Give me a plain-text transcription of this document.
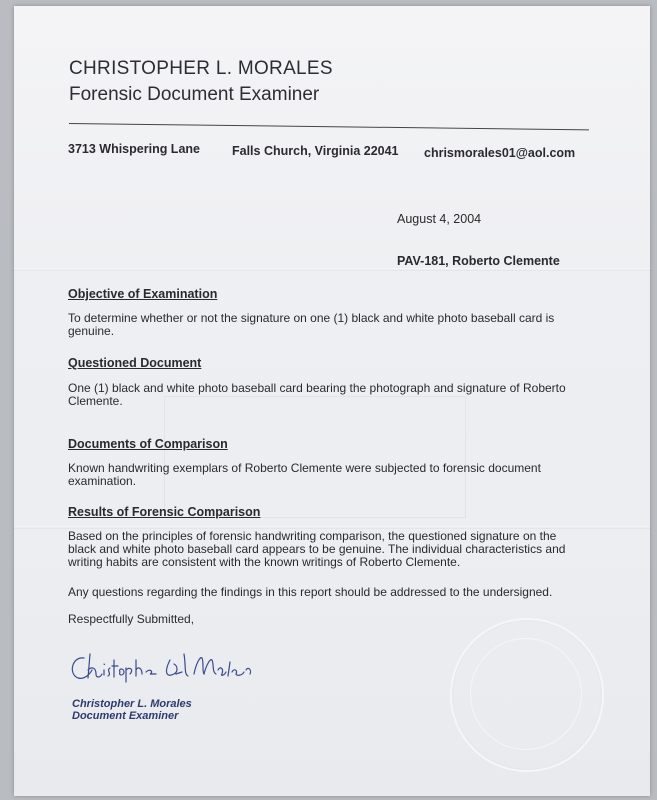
CHRISTOPHER L. MORALES
Forensic Document Examiner
3713 Whispering Lane	Falls Church, Virginia 22041 chrismorales01@aol.com
August 4, 2004
PAV-181, Roberto Clemente
Objective of Examination
To determine whether or not the signature on one (1) black and white photo baseball card is genuine.
Questioned Document
One (1) black and white photo baseball card bearing the photograph and signature of Roberto Clemente.
Documents of Comparison
Known handwriting exemplars of Roberto Clemente were subjected to forensic document examination.
Results of Forensic Comparison
Based on the principles of forensic handwriting comparison, the questioned signature on the black and white photo baseball card appears to be genuine. The individual characteristics and writing habits are consistent with the known writings of Roberto Clemente.
Any questions regarding the findings in this report should be addressed to the undersigned.
Respectfully Submitted,
Christopher L. Morales
Document Examiner
